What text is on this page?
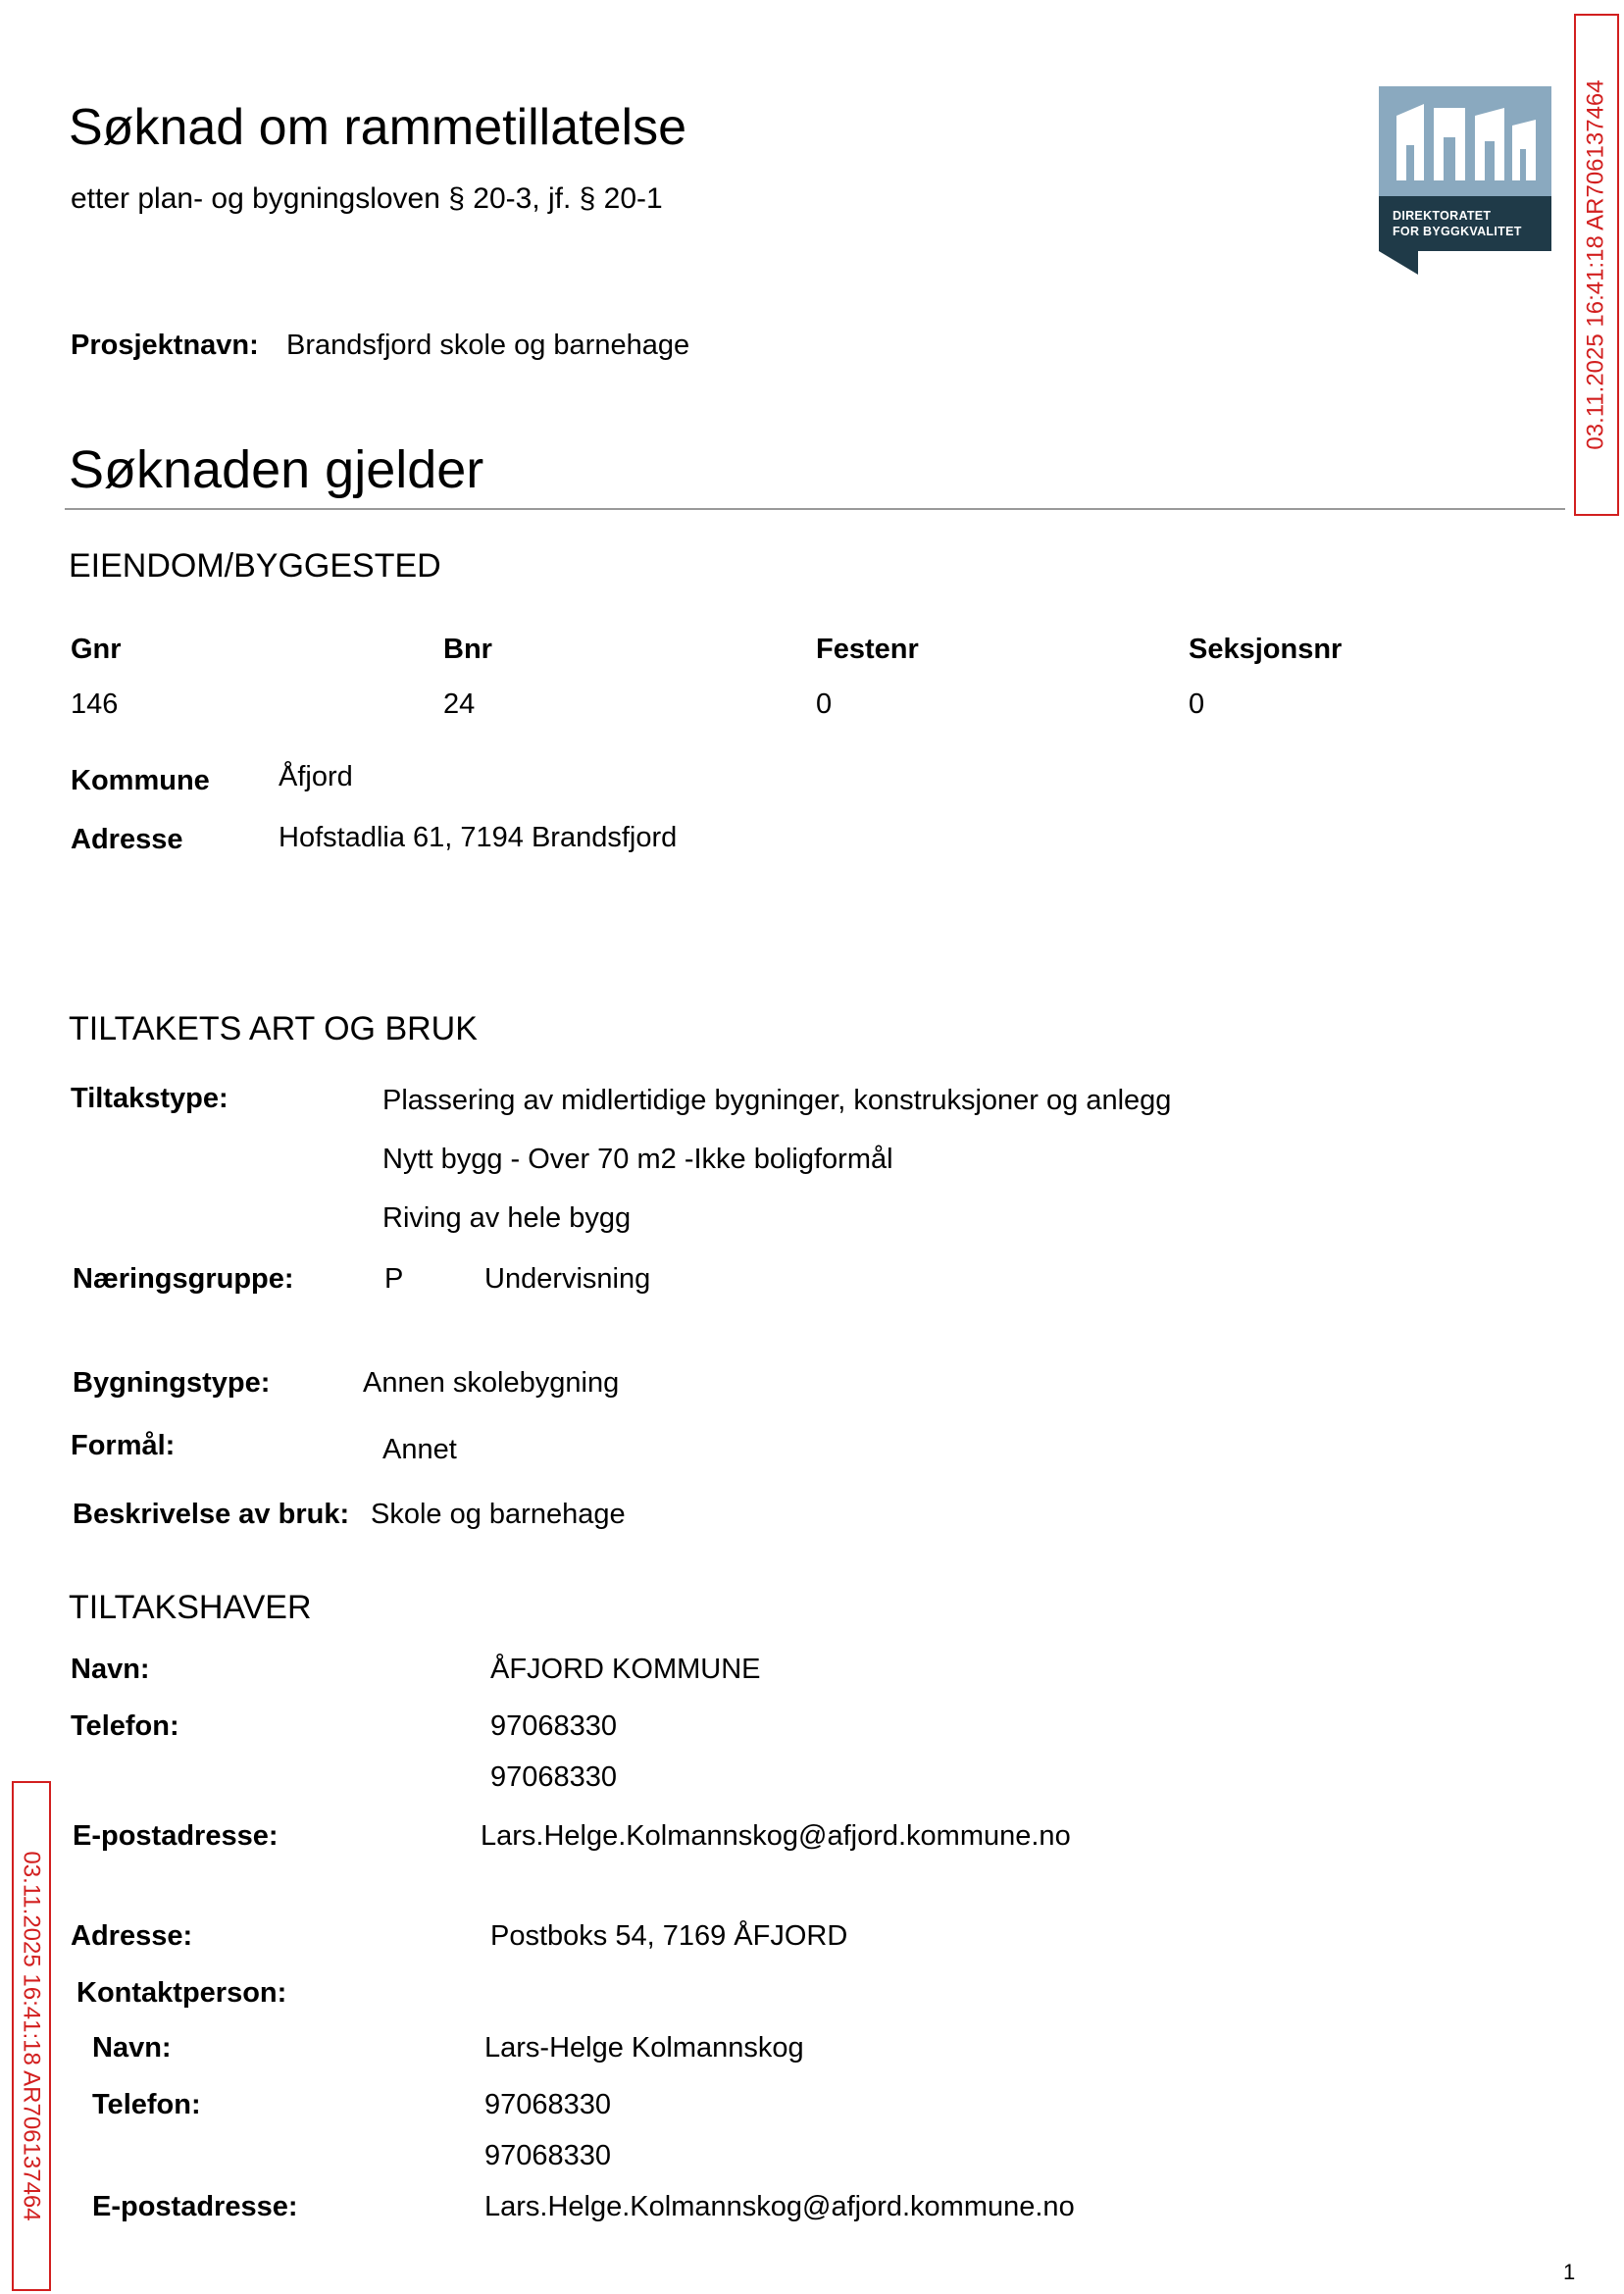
Søknad om rammetillatelse
etter plan- og bygningsloven § 20-3, jf. § 20-1
DIREKTORATET
FOR BYGGKVALITET	03.11.2025 16:41:18 AR706137464
03.11.2025 16:41:18 AR706137464
Prosjektnavn: Brandsfjord skole og barnehage
Søknaden gjelder
EIENDOM/BYGGESTED
Gnr	Bnr	Festenr	Seksjonsnr
146	24	0	0
Kommune Åfjord
Adresse	Hofstadlia 61, 7194 Brandsfjord
TILTAKETS ART OG BRUK
Tiltakstype:	Plassering av midlertidige bygninger, konstruksjoner og anlegg
Nytt bygg - Over 70 m2 -Ikke boligformål
Riving av hele bygg
Næringsgruppe:	P	Undervisning
Bygningstype:	Annen skolebygning
Formål:	Annet
Beskrivelse av bruk: Skole og barnehage
TILTAKSHAVER
Navn:	ÅFJORD KOMMUNE
Telefon:	97068330
97068330
E-postadresse:	Lars.Helge.Kolmannskog@afjord.kommune.no
Adresse:	Postboks 54, 7169 ÅFJORD
Kontaktperson:
Navn:	Lars-Helge Kolmannskog
Telefon:	97068330
97068330
E-postadresse:	Lars.Helge.Kolmannskog@afjord.kommune.no
1
